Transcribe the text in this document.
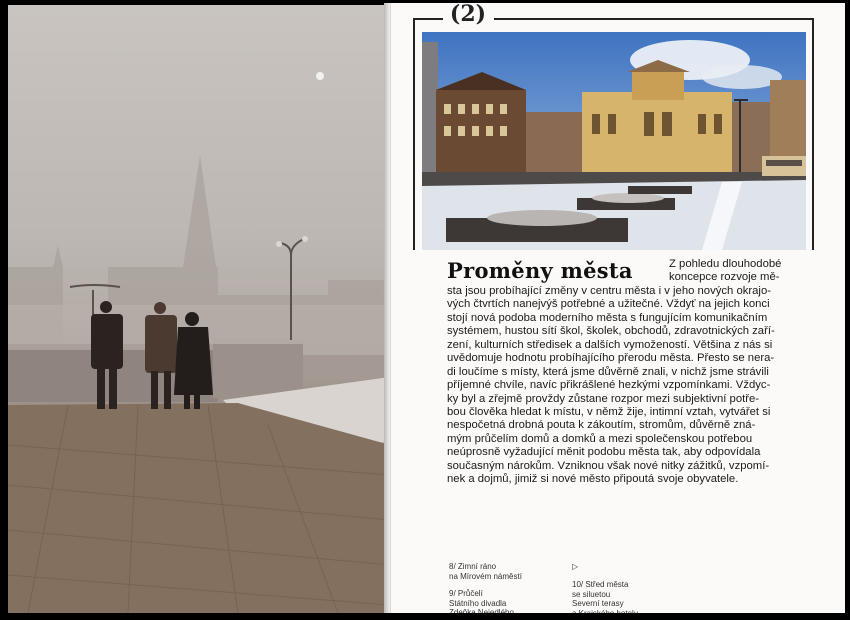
(2)
Proměny města	Z pohledu dlouhodobé
koncepce rozvoje mě-
sta jsou probíhající změny v centru města i v jeho nových okrajo-
vých čtvrtích nanejvýš potřebné a užitečné. Vždyť na jejich konci
stojí nová podoba moderního města s fungujícím komunikačním
systémem, hustou sítí škol, školek, obchodů, zdravotnických zaří-
zení, kulturních středisek a dalších vymožeností. Většina z nás si
uvědomuje hodnotu probíhajícího přerodu města. Přesto se nera-
di loučíme s místy, která jsme důvěrně znali, v nichž jsme strávili
příjemné chvíle, navíc přikrášlené hezkými vzpomínkami. Vždyc-
ky byl a zřejmě provždy zůstane rozpor mezi subjektivní potře-
bou člověka hledat k místu, v němž žije, intimní vztah, vytvářet si
nespočetná drobná pouta k zákoutím, stromům, důvěrně zná-
mým průčelím domů a domků a mezi společenskou potřebou
neúprosně vyžadující měnit podobu města tak, aby odpovídala
současným nárokům. Vzniknou však nové nitky zážitků, vzpomí-
nek a dojmů, jimiž si nové město připoutá svoje obyvatele.
8/ Zimní ráno
na Mírovém náměstí
▷
9/ Průčelí
Státního divadla
10/ Střed města
se siluetou
Severní terasy
